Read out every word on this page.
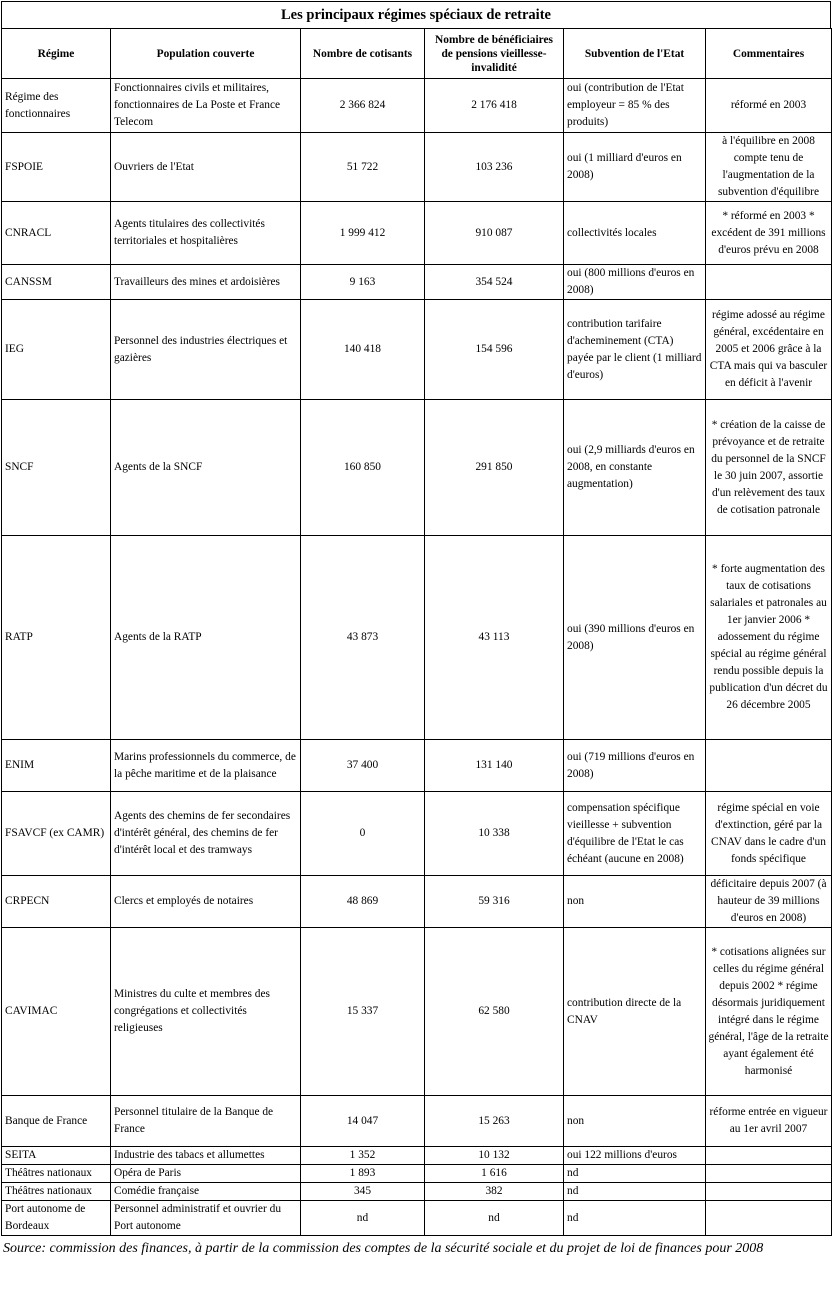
Les principaux régimes spéciaux de retraite
Régime	Population couverte	Nombre de cotisants	Nombre de bénéficiaires de pensions vieillesse-invalidité	Subvention de l'Etat	Commentaires
Régime des fonctionnaires	Fonctionnaires civils et militaires, fonctionnaires de La Poste et France Telecom	2 366 824	2 176 418	oui (contribution de l'Etat employeur = 85 % des produits)	réformé en 2003
FSPOIE	Ouvriers de l'Etat	51 722	103 236	oui (1 milliard d'euros en 2008)	à l'équilibre en 2008 compte tenu de l'augmentation de la subvention d'équilibre
CNRACL	Agents titulaires des collectivités territoriales et hospitalières	1 999 412	910 087	collectivités locales	* réformé en 2003 * excédent de 391 millions d'euros prévu en 2008
CANSSM	Travailleurs des mines et ardoisières	9 163	354 524	oui (800 millions d'euros en 2008)	
IEG	Personnel des industries électriques et gazières	140 418	154 596	contribution tarifaire d'acheminement (CTA) payée par le client (1 milliard d'euros)	régime adossé au régime général, excédentaire en 2005 et 2006 grâce à la CTA mais qui va basculer en déficit à l'avenir
SNCF	Agents de la SNCF	160 850	291 850	oui (2,9 milliards d'euros en 2008, en constante augmentation)	* création de la caisse de prévoyance et de retraite du personnel de la SNCF le 30 juin 2007, assortie d'un relèvement des taux de cotisation patronale
RATP	Agents de la RATP	43 873	43 113	oui (390 millions d'euros en 2008)	* forte augmentation des taux de cotisations salariales et patronales au 1er janvier 2006 * adossement du régime spécial au régime général rendu possible depuis la publication d'un décret du 26 décembre 2005
ENIM	Marins professionnels du commerce, de la pêche maritime et de la plaisance	37 400	131 140	oui (719 millions d'euros en 2008)	
FSAVCF (ex CAMR)	Agents des chemins de fer secondaires d'intérêt général, des chemins de fer d'intérêt local et des tramways	0	10 338	compensation spécifique vieillesse + subvention d'équilibre de l'Etat le cas échéant (aucune en 2008)	régime spécial en voie d'extinction, géré par la CNAV dans le cadre d'un fonds spécifique
CRPECN	Clercs et employés de notaires	48 869	59 316	non	déficitaire depuis 2007 (à hauteur de 39 millions d'euros en 2008)
CAVIMAC	Ministres du culte et membres des congrégations et collectivités religieuses	15 337	62 580	contribution directe de la CNAV	* cotisations alignées sur celles du régime général depuis 2002 * régime désormais juridiquement intégré dans le régime général, l'âge de la retraite ayant également été harmonisé
Banque de France	Personnel titulaire de la Banque de France	14 047	15 263	non	réforme entrée en vigueur au 1er avril 2007
SEITA	Industrie des tabacs et allumettes	1 352	10 132	oui 122 millions d'euros	
Théâtres nationaux	Opéra de Paris	1 893	1 616	nd	
Théâtres nationaux	Comédie française	345	382	nd	
Port autonome de Bordeaux	Personnel administratif et ouvrier du Port autonome	nd	nd	nd	
Source: commission des finances, à partir de la commission des comptes de la sécurité sociale et du projet de loi de finances pour 2008
